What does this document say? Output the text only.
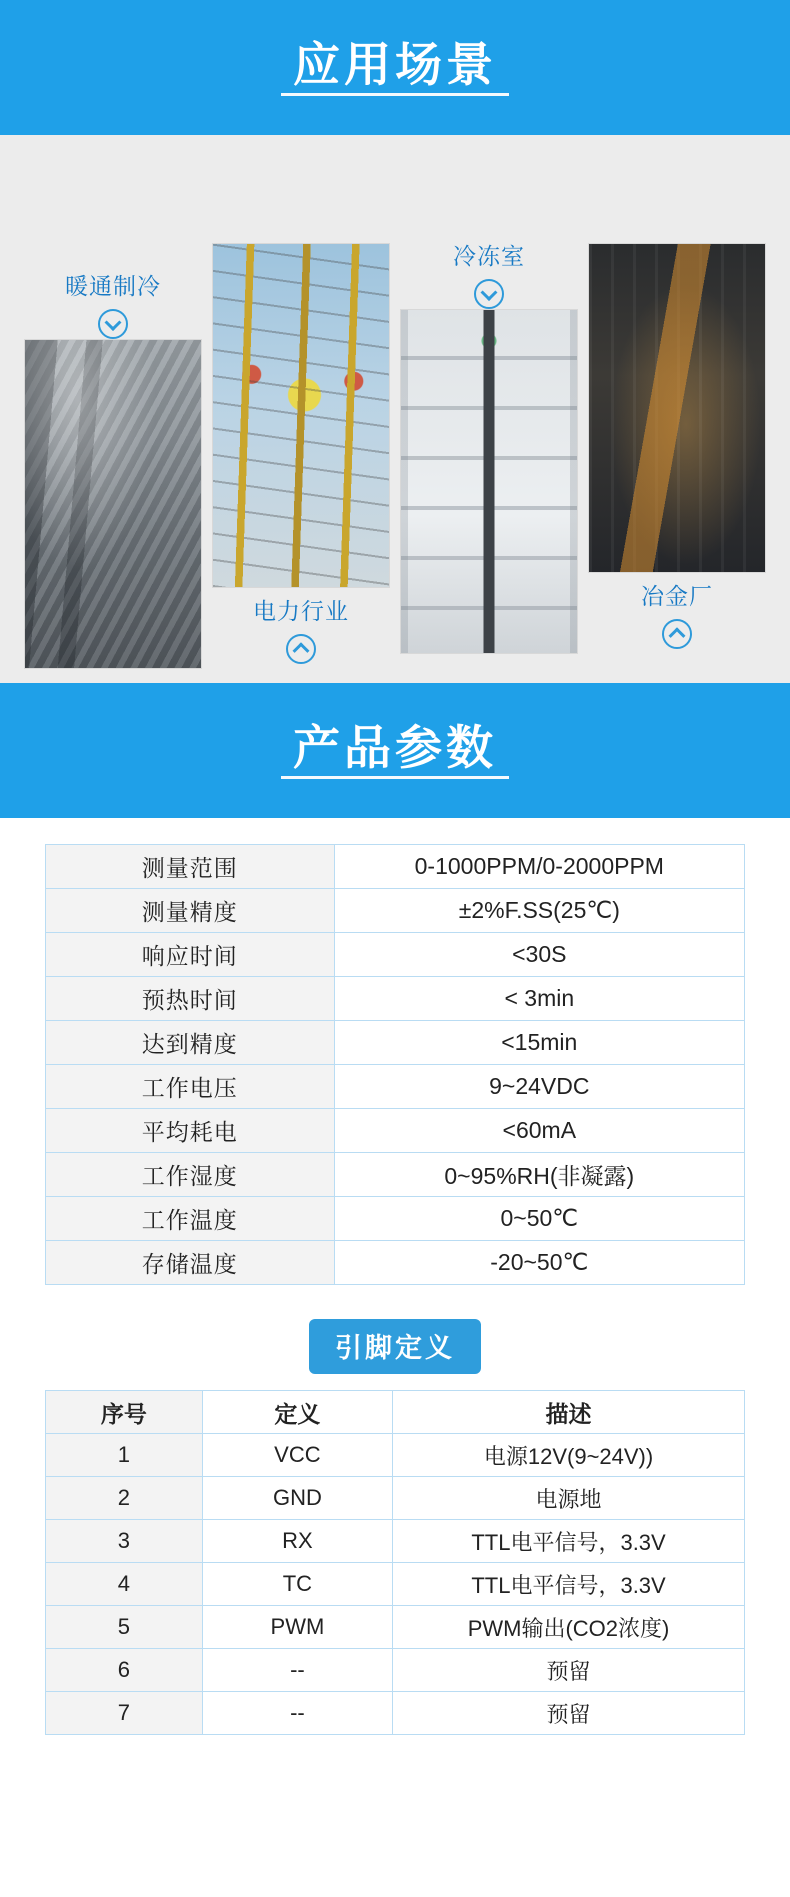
应用场景
暖通制冷
电力行业
冷冻室
冶金厂
产品参数
测量范围	0-1000PPM/0-2000PPM
测量精度	±2%F.SS(25℃)
响应时间	<30S
预热时间	< 3min
达到精度	<15min
工作电压	9~24VDC
平均耗电	<60mA
工作湿度	0~95%RH(非凝露)
工作温度	0~50℃
存储温度	-20~50℃
引脚定义
序号	定义	描述
1	VCC	电源12V(9~24V))
2	GND	电源地
3	RX	TTL电平信号，3.3V
4	TC	TTL电平信号，3.3V
5	PWM	PWM输出(CO2浓度)
6	--	预留
7	--	预留
